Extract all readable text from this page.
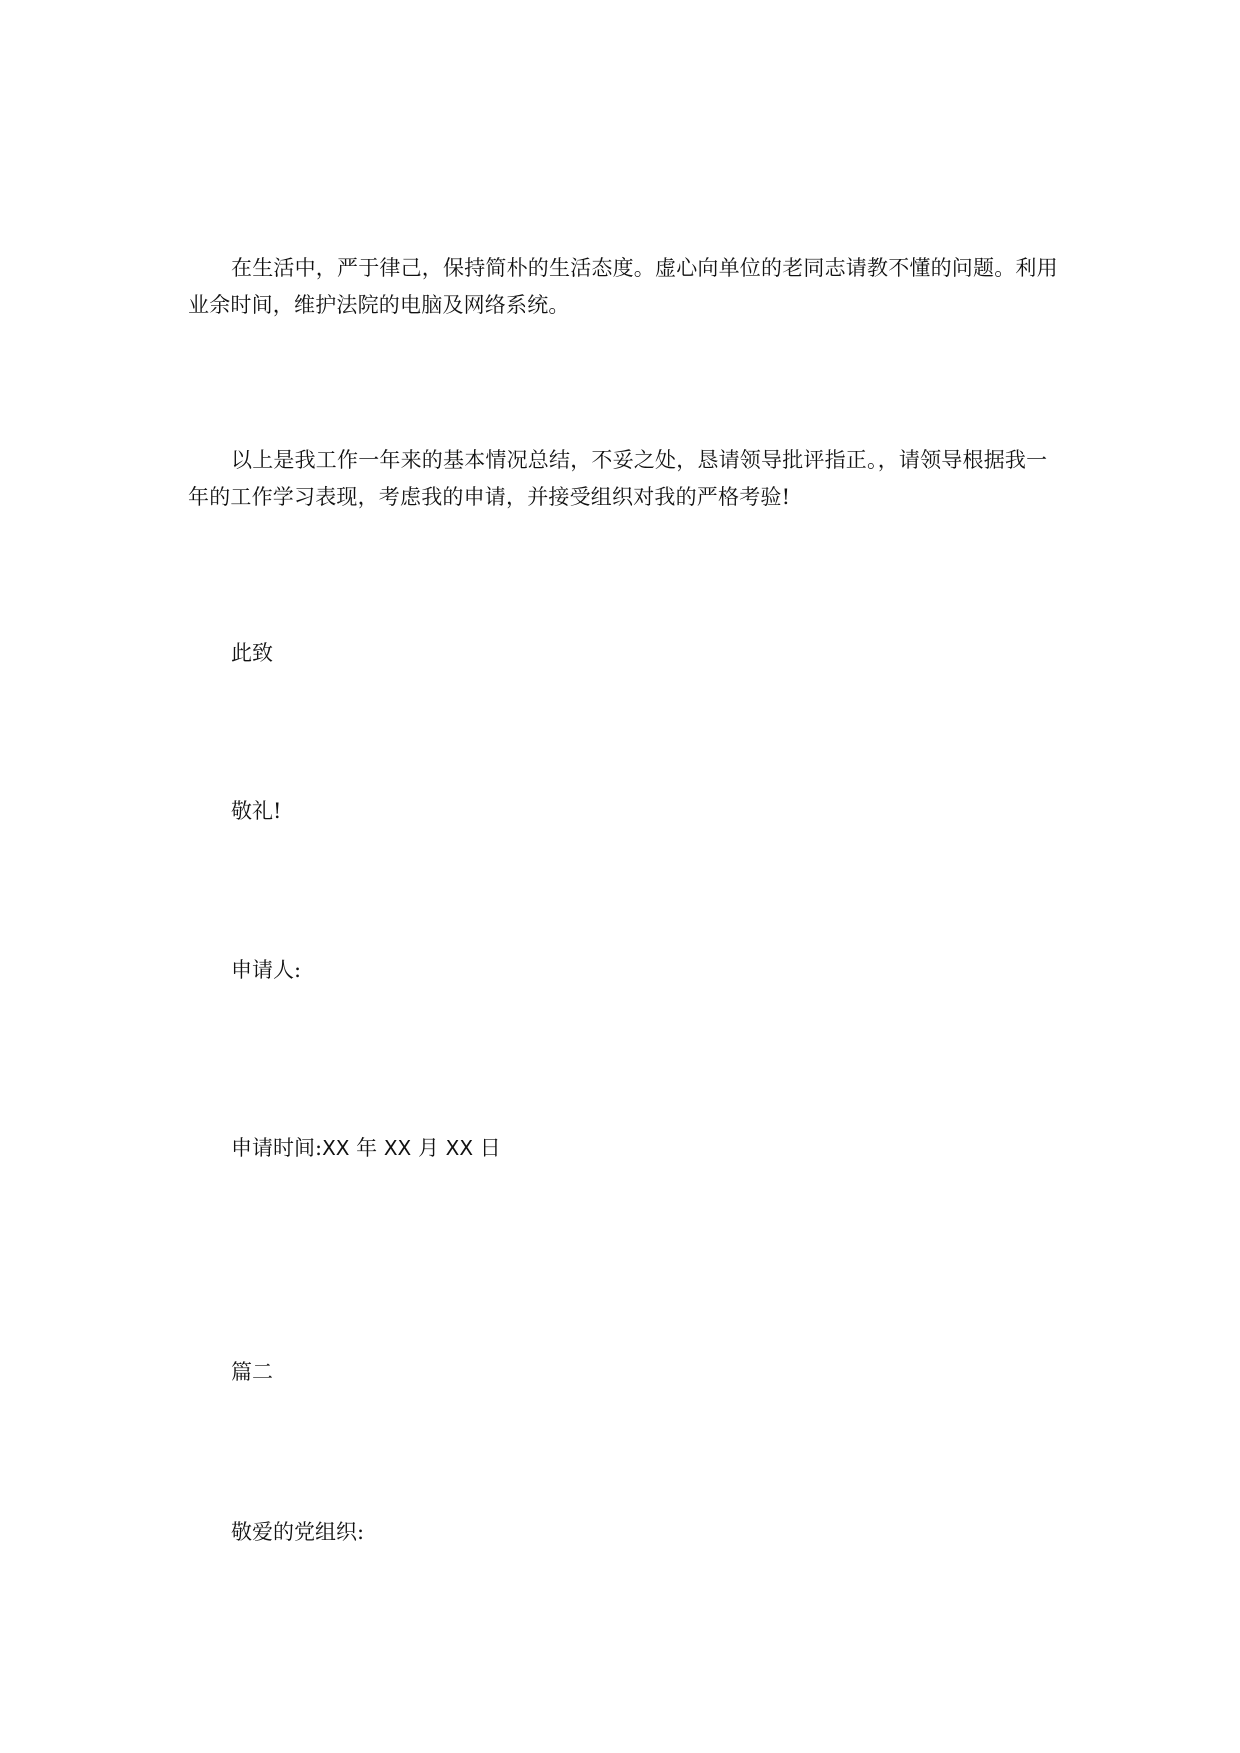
在生活中，严于律己，保持简朴的生活态度。虚心向单位的老同志请教不懂的问题。利用业余时间，维护法院的电脑及网络系统。

以上是我工作一年来的基本情况总结，不妥之处，恳请领导批评指正。，请领导根据我一年的工作学习表现，考虑我的申请，并接受组织对我的严格考验!

此致

敬礼!

申请人:

申请时间:XX 年 XX 月 XX 日

篇二

敬爱的党组织:
